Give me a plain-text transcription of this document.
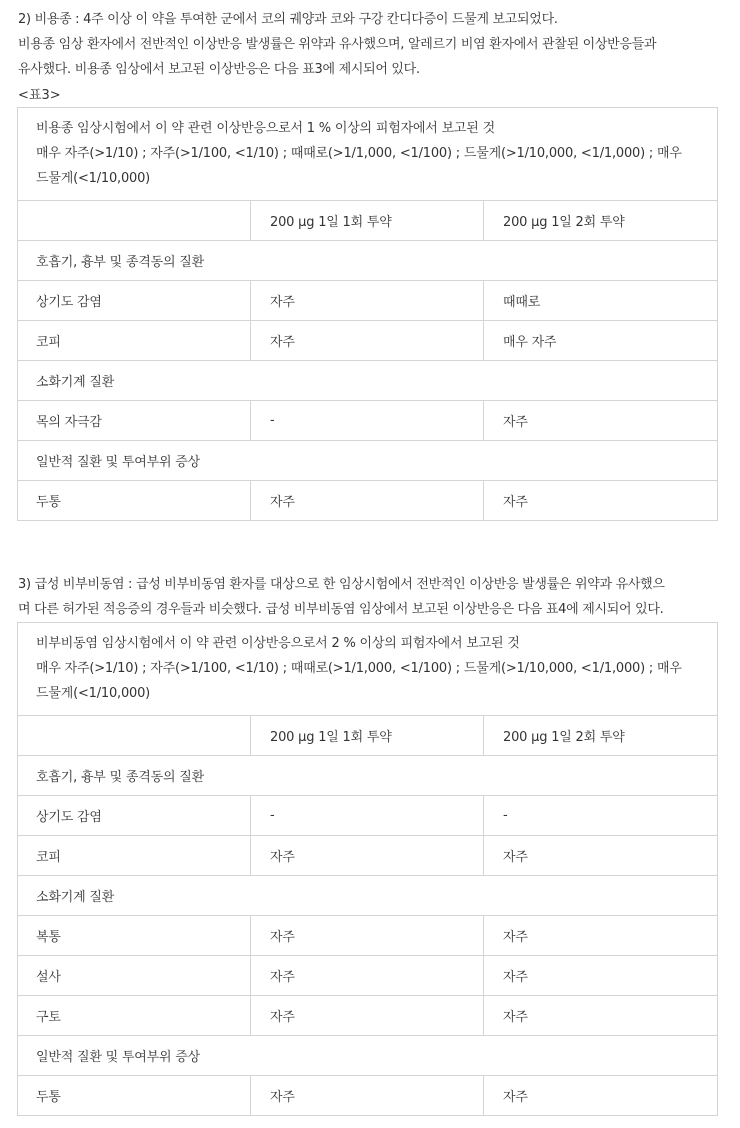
2) 비용종 : 4주 이상 이 약을 투여한 군에서 코의 궤양과 코와 구강 칸디다증이 드물게 보고되었다.

비용종 임상 환자에서 전반적인 이상반응 발생률은 위약과 유사했으며, 알레르기 비염 환자에서 관찰된 이상반응들과

유사했다. 비용종 임상에서 보고된 이상반응은 다음 표3에 제시되어 있다.

<표3>
비용종 임상시험에서 이 약 관련 이상반응으로서 1 % 이상의 피험자에서 보고된 것
매우 자주(>1/10) ; 자주(>1/100, <1/10) ; 때때로(>1/1,000, <1/100) ; 드물게(>1/10,000, <1/1,000) ; 매우
드물게(<1/10,000)		

	200 μg 1일 1회 투약	200 μg 1일 2회 투약
호흡기, 흉부 및 종격동의 질환		
상기도 감염	자주	때때로
코피	자주	매우 자주
소화기계 질환		
목의 자극감	-	자주
일반적 질환 및 투여부위 증상		
두통	자주	자주

3) 급성 비부비동염 : 급성 비부비동염 환자를 대상으로 한 임상시험에서 전반적인 이상반응 발생률은 위약과 유사했으

며 다른 허가된 적응증의 경우들과 비슷했다. 급성 비부비동염 임상에서 보고된 이상반응은 다음 표4에 제시되어 있다.

비부비동염 임상시험에서 이 약 관련 이상반응으로서 2 % 이상의 피험자에서 보고된 것
매우 자주(>1/10) ; 자주(>1/100, <1/10) ; 때때로(>1/1,000, <1/100) ; 드물게(>1/10,000, <1/1,000) ; 매우
드물게(<1/10,000)		

	200 μg 1일 1회 투약	200 μg 1일 2회 투약
호흡기, 흉부 및 종격동의 질환		
상기도 감염	-	-
코피	자주	자주
소화기계 질환		
복통	자주	자주
설사	자주	자주
구토	자주	자주
일반적 질환 및 투여부위 증상		
두통	자주	자주
